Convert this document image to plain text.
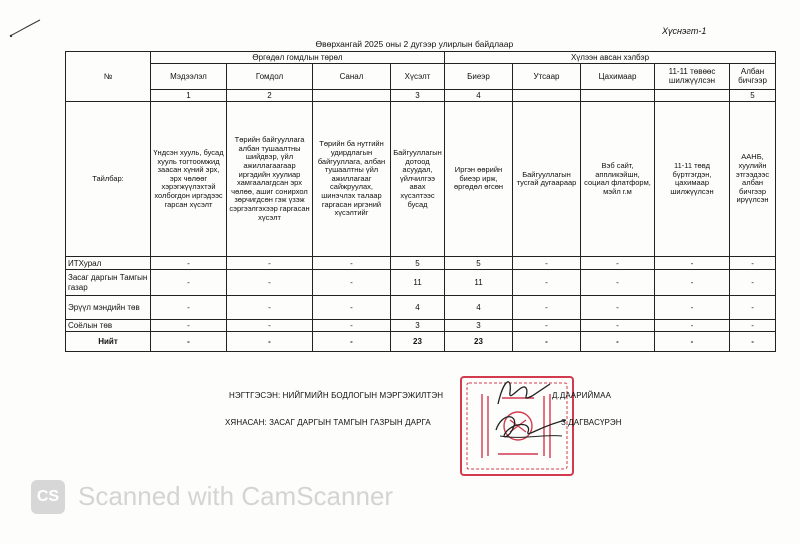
Хүснэгт-1
Өвөрхангай 2025 оны 2 дугээр улирлын байдлаар									
№	Өргөдөл гомдлын төрөл				Хүлээн авсан хэлбэр				
	Мэдээлэл	Гомдол	Санал	Хүсэлт	Биеэр	Утсаар	Цахимаар	11-11 төвөөс шилжүүлсэн	Албан бичгээр
	1	2		3	4				5
Тайлбар:	Үндсэн хууль, бусад хууль тогтоомжид заасан хүний эрх, эрх чөлөөг хэрэгжүүлэхтэй холбогдон иргэдээс гарсан хүсэлт	Төрийн байгууллага албан тушаалтны шийдвэр, үйл ажиллагаагаар иргэдийн хуулиар хамгаалагдсан эрх чөлөө, ашиг сонирхол зөрчигдсөн гэж үзэж сэргээлгэхээр гаргасан хүсэлт	Төрийн ба нутгийн удирдлагын байгууллага, албан тушаалтны үйл ажиллагааг сайжруулах, шинэчлэх талаар гаргасан иргэний хүсэлтийг	Байгууллагын дотоод асуудал, үйлчилгээ авах хүсэлтээс бусад	Иргэн өөрийн биеэр ирж, өргөдөл өгсөн	Байгууллагын тусгай дугаараар	Вэб сайт, аппликэйшн, социал флатформ, мэйл г.м	11-11 төвд бүртгэгдэн, цахимаар шилжүүлсэн	ААНБ, хуулийн этгээдээс албан бичгээр ирүүлсэн
ИТХурал	-	-	-	5	5	-	-	-	-
Засаг даргын Тамгын газар	-	-	-	11	11	-	-	-	-
Эрүүл мэндийн төв	-	-	-	4	4	-	-	-	-
Соёлын төв	-	-	-	3	3	-	-	-	-
Нийт	-	-	-	23	23	-	-	-	-
НЭГТГЭСЭН: НИЙГМИЙН БОДЛОГЫН МЭРГЭЖИЛТЭН	Д.ДААРИЙМАА
ХЯНАСАН: ЗАСАГ ДАРГЫН ТАМГЫН ГАЗРЫН ДАРГА	З.ДАГВАСҮРЭН
CS Scanned with CamScanner
